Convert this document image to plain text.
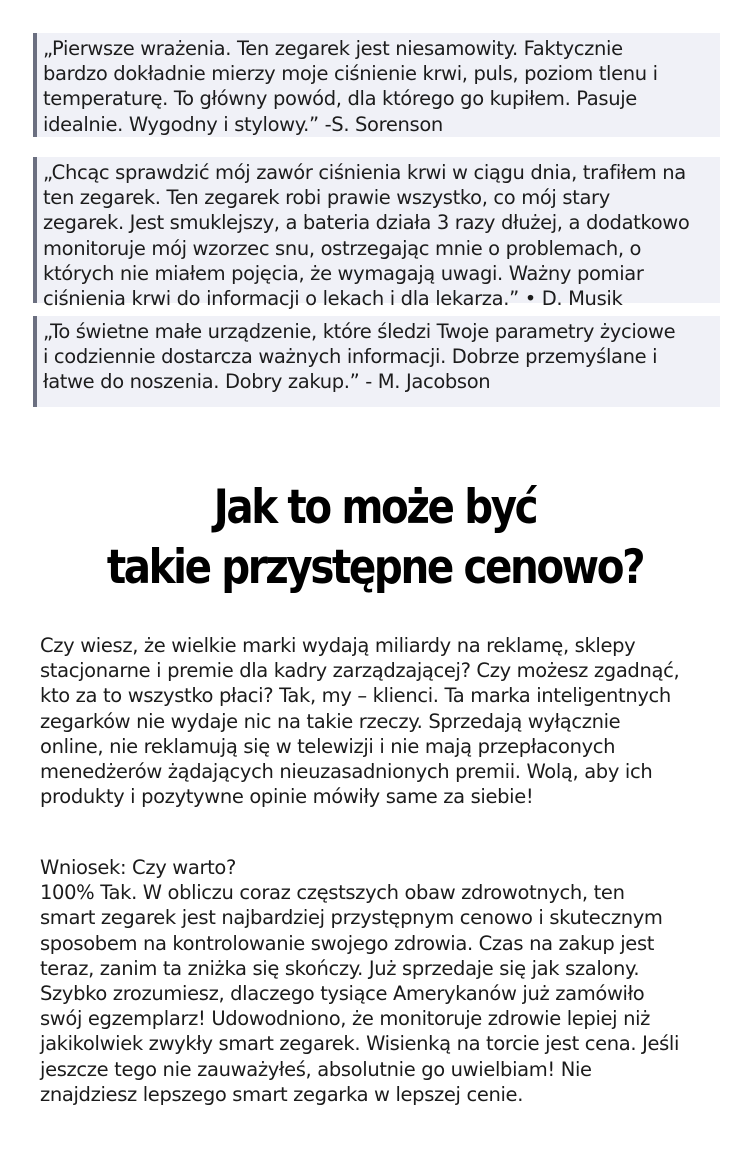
„Pierwsze wrażenia. Ten zegarek jest niesamowity. Faktycznie
bardzo dokładnie mierzy moje ciśnienie krwi, puls, poziom tlenu i
temperaturę. To główny powód, dla którego go kupiłem. Pasuje
idealnie. Wygodny i stylowy.” -S. Sorenson
„Chcąc sprawdzić mój zawór ciśnienia krwi w ciągu dnia, trafiłem na
ten zegarek. Ten zegarek robi prawie wszystko, co mój stary
zegarek. Jest smuklejszy, a bateria działa 3 razy dłużej, a dodatkowo
monitoruje mój wzorzec snu, ostrzegając mnie o problemach, o
których nie miałem pojęcia, że wymagają uwagi. Ważny pomiar
ciśnienia krwi do informacji o lekach i dla lekarza.” • D. Musik
„To świetne małe urządzenie, które śledzi Twoje parametry życiowe
i codziennie dostarcza ważnych informacji. Dobrze przemyślane i
łatwe do noszenia. Dobry zakup.” - M. Jacobson
Jak to może być
takie przystępne cenowo?
Czy wiesz, że wielkie marki wydają miliardy na reklamę, sklepy
stacjonarne i premie dla kadry zarządzającej? Czy możesz zgadnąć,
kto za to wszystko płaci? Tak, my – klienci. Ta marka inteligentnych
zegarków nie wydaje nic na takie rzeczy. Sprzedają wyłącznie
online, nie reklamują się w telewizji i nie mają przepłaconych
menedżerów żądających nieuzasadnionych premii. Wolą, aby ich
produkty i pozytywne opinie mówiły same za siebie!
Wniosek: Czy warto?
100% Tak. W obliczu coraz częstszych obaw zdrowotnych, ten
smart zegarek jest najbardziej przystępnym cenowo i skutecznym
sposobem na kontrolowanie swojego zdrowia. Czas na zakup jest
teraz, zanim ta zniżka się skończy. Już sprzedaje się jak szalony.
Szybko zrozumiesz, dlaczego tysiące Amerykanów już zamówiło
swój egzemplarz! Udowodniono, że monitoruje zdrowie lepiej niż
jakikolwiek zwykły smart zegarek. Wisienką na torcie jest cena. Jeśli
jeszcze tego nie zauważyłeś, absolutnie go uwielbiam! Nie
znajdziesz lepszego smart zegarka w lepszej cenie.
